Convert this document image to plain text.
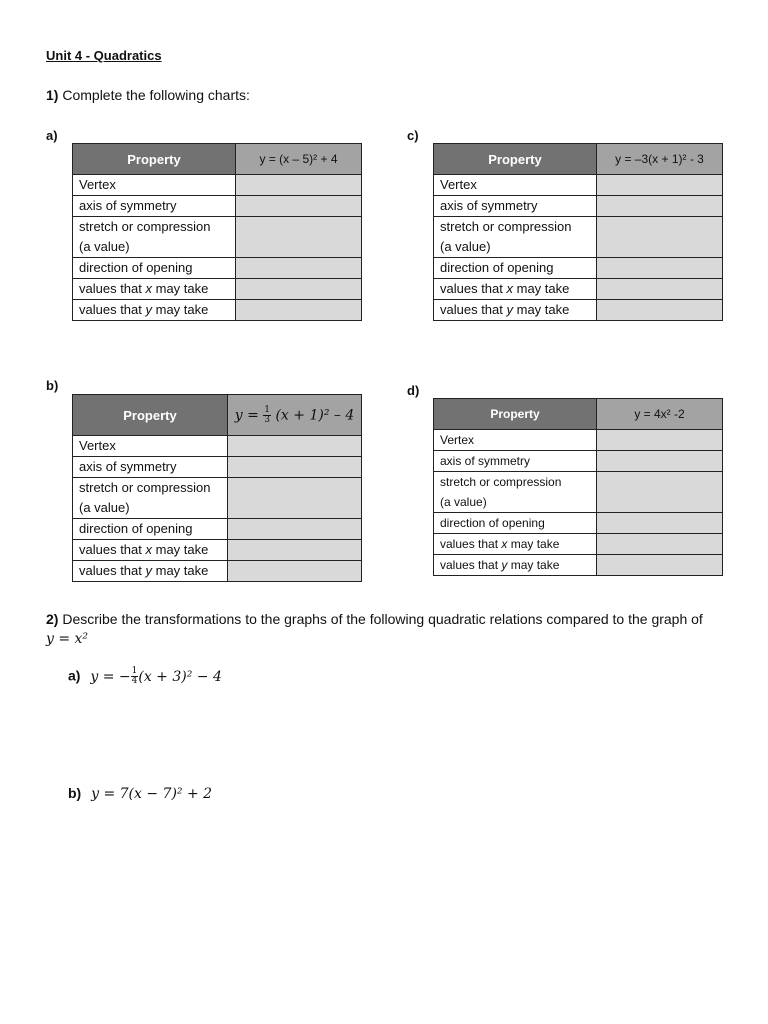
Unit 4 - Quadratics
1) Complete the following charts:
a)
Property	y = (x – 5)² + 4
Vertex	
axis of symmetry	
stretch or compression
(a value)	
direction of opening	
values that x may take	
values that y may take	
c)
Property	y = –3(x + 1)² - 3
Vertex	
axis of symmetry	
stretch or compression
(a value)	
direction of opening	
values that x may take	
values that y may take	
b)
Property	$y = \frac{1}{3} (x + 1)^2 - 4$
Vertex	
axis of symmetry	
stretch or compression
(a value)	
direction of opening	
values that x may take	
values that y may take	
d)
Property	y = 4x² -2
Vertex	
axis of symmetry	
stretch or compression
(a value)	
direction of opening	
values that x may take	
values that y may take	
2) Describe the transformations to the graphs of the following quadratic relations compared to the graph of
y = x²
a) y = − $\frac{1}{4} (x + 3)^2 - 4$
b) y = 7(x − 7)² + 2
